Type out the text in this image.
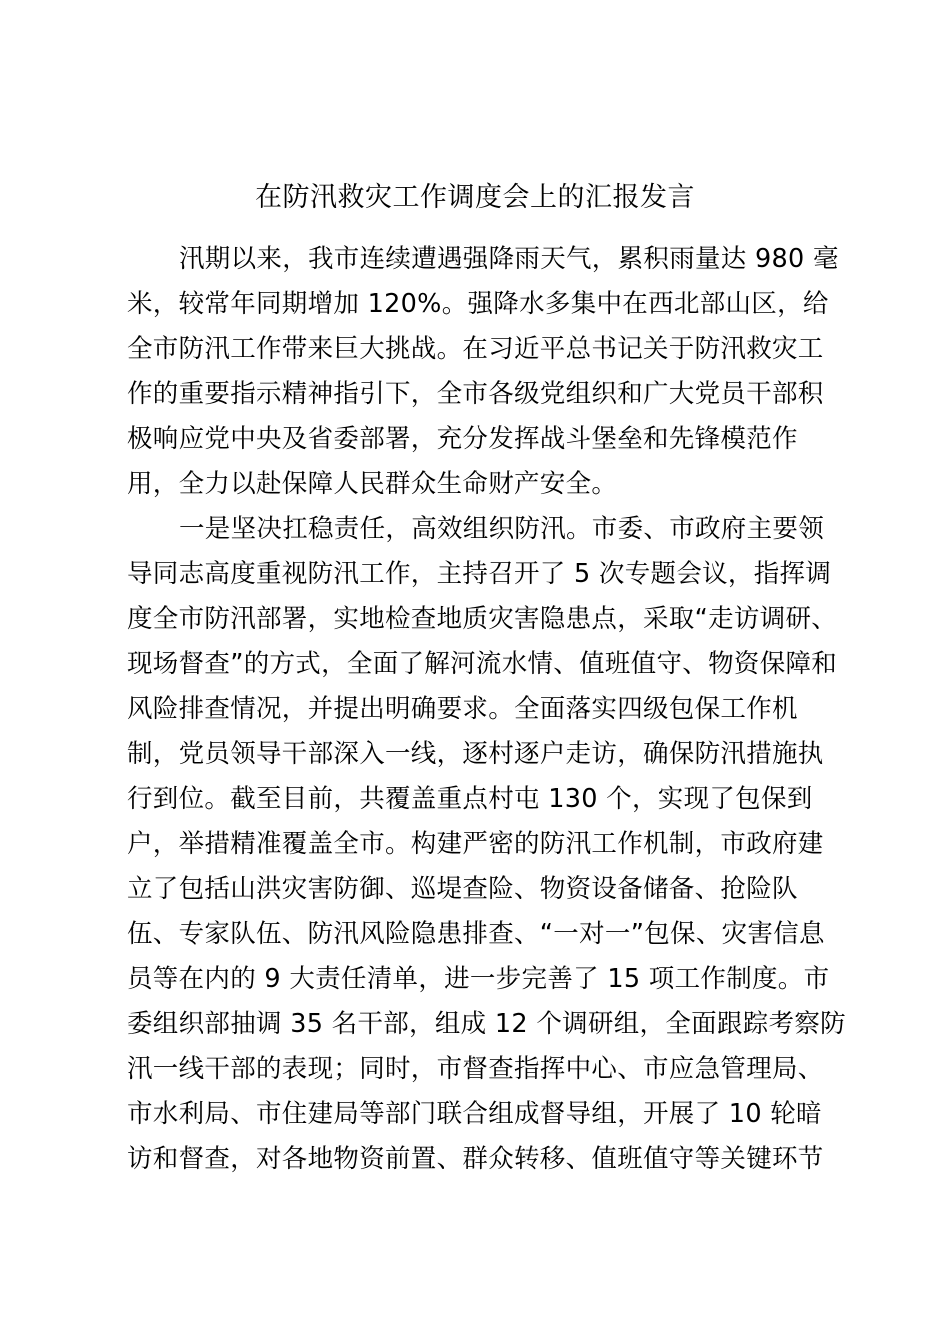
在防汛救灾工作调度会上的汇报发言
汛期以来，我市连续遭遇强降雨天气，累积雨量达 980 毫
米，较常年同期增加 120%。强降水多集中在西北部山区，给
全市防汛工作带来巨大挑战。在习近平总书记关于防汛救灾工
作的重要指示精神指引下，全市各级党组织和广大党员干部积
极响应党中央及省委部署，充分发挥战斗堡垒和先锋模范作
用，全力以赴保障人民群众生命财产安全。
一是坚决扛稳责任，高效组织防汛。市委、市政府主要领
导同志高度重视防汛工作，主持召开了 5 次专题会议，指挥调
度全市防汛部署，实地检查地质灾害隐患点，采取“走访调研、
现场督查”的方式，全面了解河流水情、值班值守、物资保障和
风险排查情况，并提出明确要求。全面落实四级包保工作机
制，党员领导干部深入一线，逐村逐户走访，确保防汛措施执
行到位。截至目前，共覆盖重点村屯 130 个，实现了包保到
户，举措精准覆盖全市。构建严密的防汛工作机制，市政府建
立了包括山洪灾害防御、巡堤查险、物资设备储备、抢险队
伍、专家队伍、防汛风险隐患排查、“一对一”包保、灾害信息
员等在内的 9 大责任清单，进一步完善了 15 项工作制度。市
委组织部抽调 35 名干部，组成 12 个调研组，全面跟踪考察防
汛一线干部的表现；同时，市督查指挥中心、市应急管理局、
市水利局、市住建局等部门联合组成督导组，开展了 10 轮暗
访和督查，对各地物资前置、群众转移、值班值守等关键环节
